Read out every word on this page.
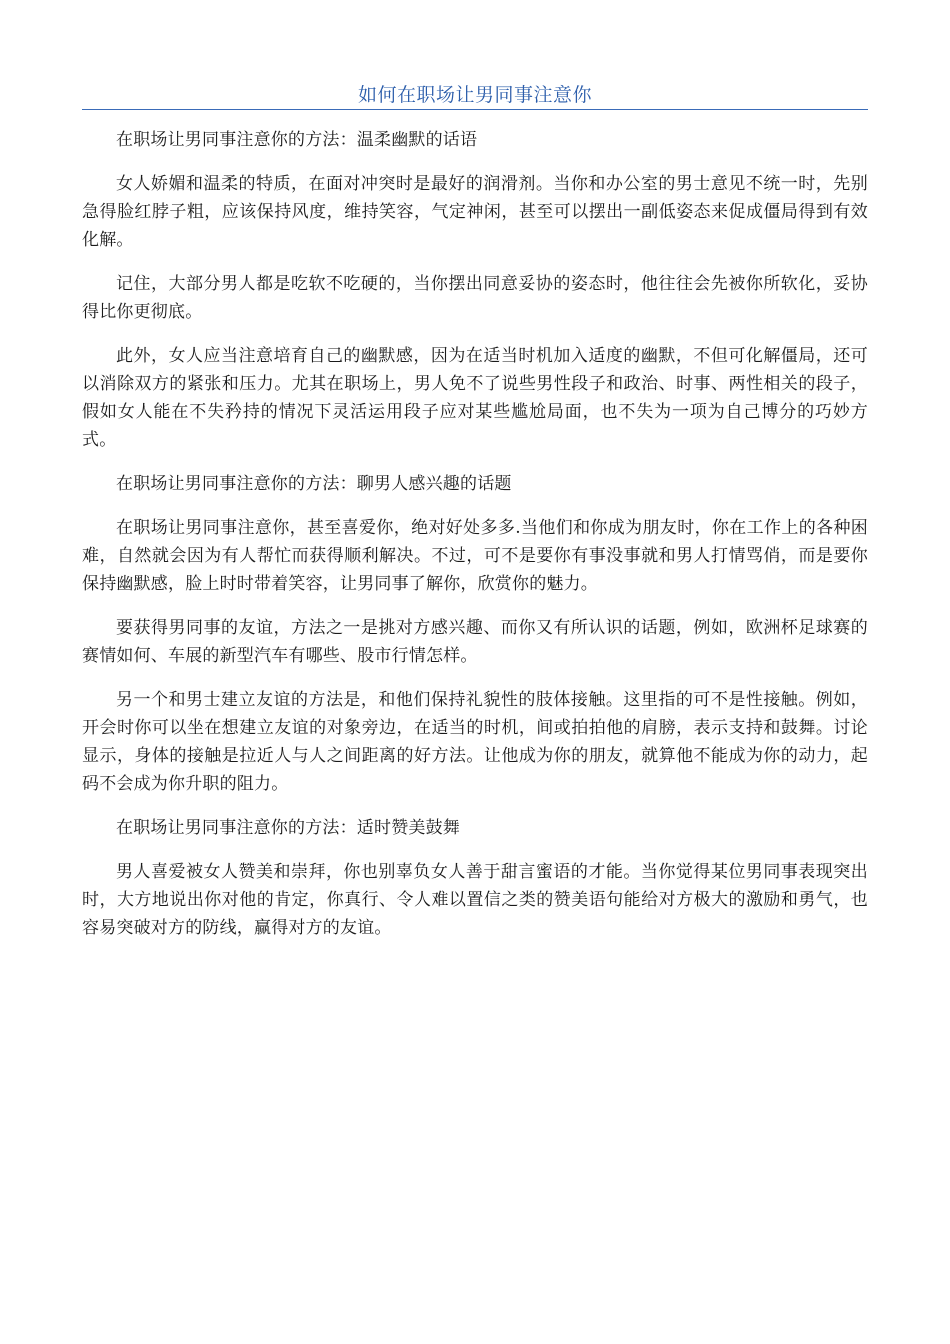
如何在职场让男同事注意你

在职场让男同事注意你的方法：温柔幽默的话语

女人娇媚和温柔的特质，在面对冲突时是最好的润滑剂。当你和办公室的男士意见不统一时，先别急得脸红脖子粗，应该保持风度，维持笑容，气定神闲，甚至可以摆出一副低姿态来促成僵局得到有效化解。

记住，大部分男人都是吃软不吃硬的，当你摆出同意妥协的姿态时，他往往会先被你所软化，妥协得比你更彻底。

此外，女人应当注意培育自己的幽默感，因为在适当时机加入适度的幽默，不但可化解僵局，还可以消除双方的紧张和压力。尤其在职场上，男人免不了说些男性段子和政治、时事、两性相关的段子，假如女人能在不失矜持的情况下灵活运用段子应对某些尴尬局面，也不失为一项为自己博分的巧妙方式。

在职场让男同事注意你的方法：聊男人感兴趣的话题

在职场让男同事注意你，甚至喜爱你，绝对好处多多.当他们和你成为朋友时，你在工作上的各种困难，自然就会因为有人帮忙而获得顺利解决。不过，可不是要你有事没事就和男人打情骂俏，而是要你保持幽默感，脸上时时带着笑容，让男同事了解你，欣赏你的魅力。

要获得男同事的友谊，方法之一是挑对方感兴趣、而你又有所认识的话题，例如，欧洲杯足球赛的赛情如何、车展的新型汽车有哪些、股市行情怎样。

另一个和男士建立友谊的方法是，和他们保持礼貌性的肢体接触。这里指的可不是性接触。例如，开会时你可以坐在想建立友谊的对象旁边，在适当的时机，间或拍拍他的肩膀，表示支持和鼓舞。讨论显示，身体的接触是拉近人与人之间距离的好方法。让他成为你的朋友，就算他不能成为你的动力，起码不会成为你升职的阻力。

在职场让男同事注意你的方法：适时赞美鼓舞

男人喜爱被女人赞美和崇拜，你也别辜负女人善于甜言蜜语的才能。当你觉得某位男同事表现突出时，大方地说出你对他的肯定，你真行、令人难以置信之类的赞美语句能给对方极大的激励和勇气，也容易突破对方的防线，赢得对方的友谊。
